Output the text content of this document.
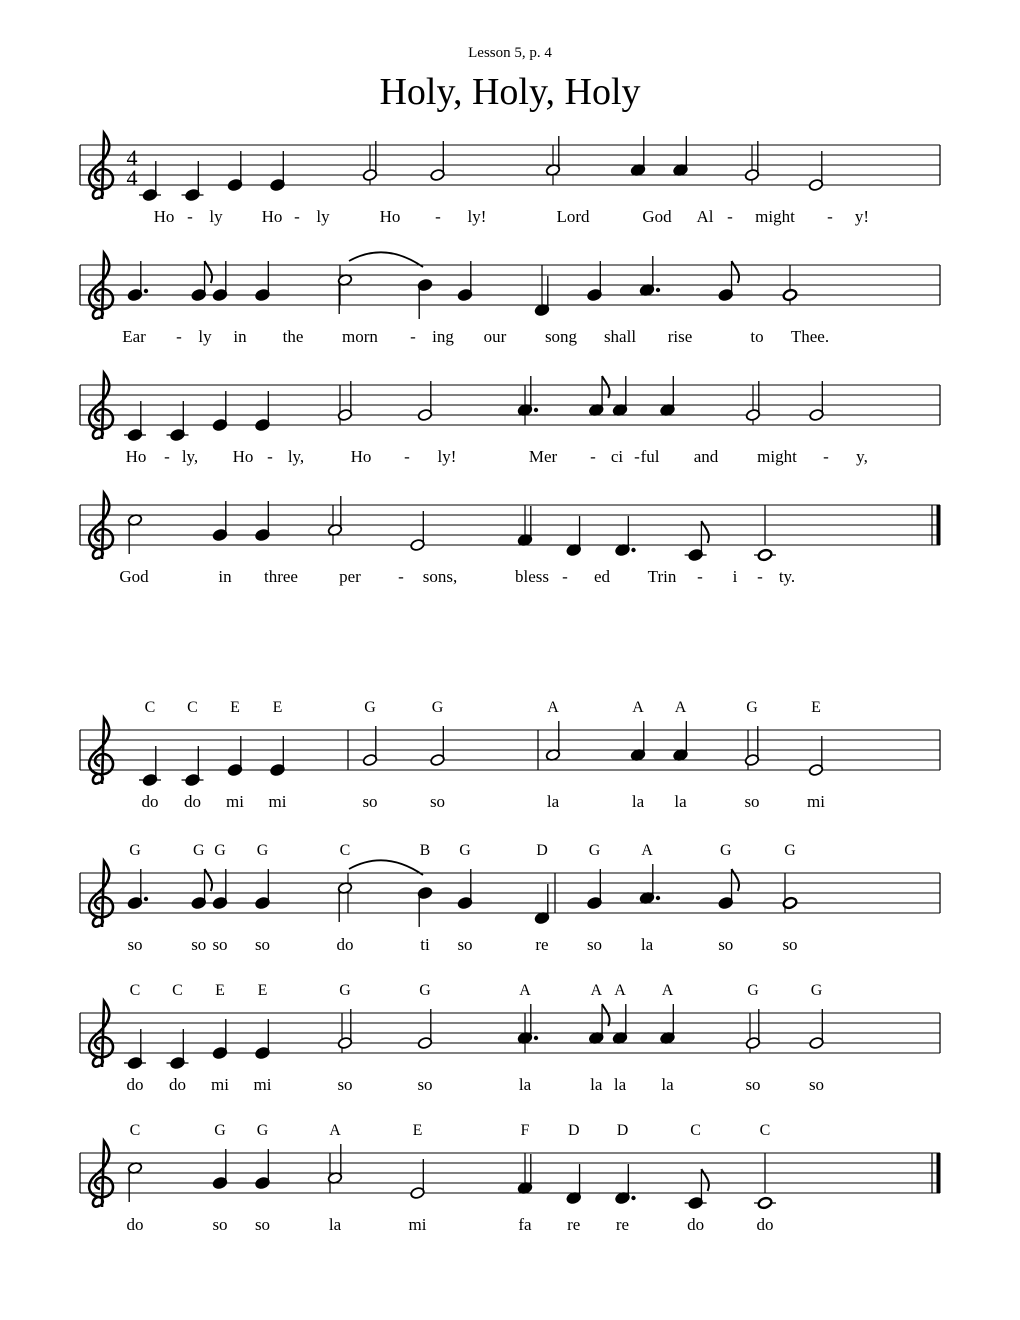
Lesson 5, p. 4
Holy, Holy, Holy
4
4
Ho - ly Ho - ly	Ho - ly!	Lord	God Al - might - y!
Ear - ly in the morn - ing our song shall rise	to Thee.
Ho - ly, Ho - ly,	Ho - ly!	Mer - ci - ful and might - y,
God	in three per - sons,	bless - ed Trin - i - ty.
C C E E	G	G	A	A A	G	E
do do mi mi	so	so	la	la la	so	mi
G	G G G	C	B G	D	G	A	G	G
so	so so so	do	ti so	re so la	so	so
C C E E	G	G	A	A A A	G	G
do do mi mi	so	so	la	la la la	so	so
C	G G	A	E	F D D	C	C
do	so so	la	mi	fa re re	do	do
